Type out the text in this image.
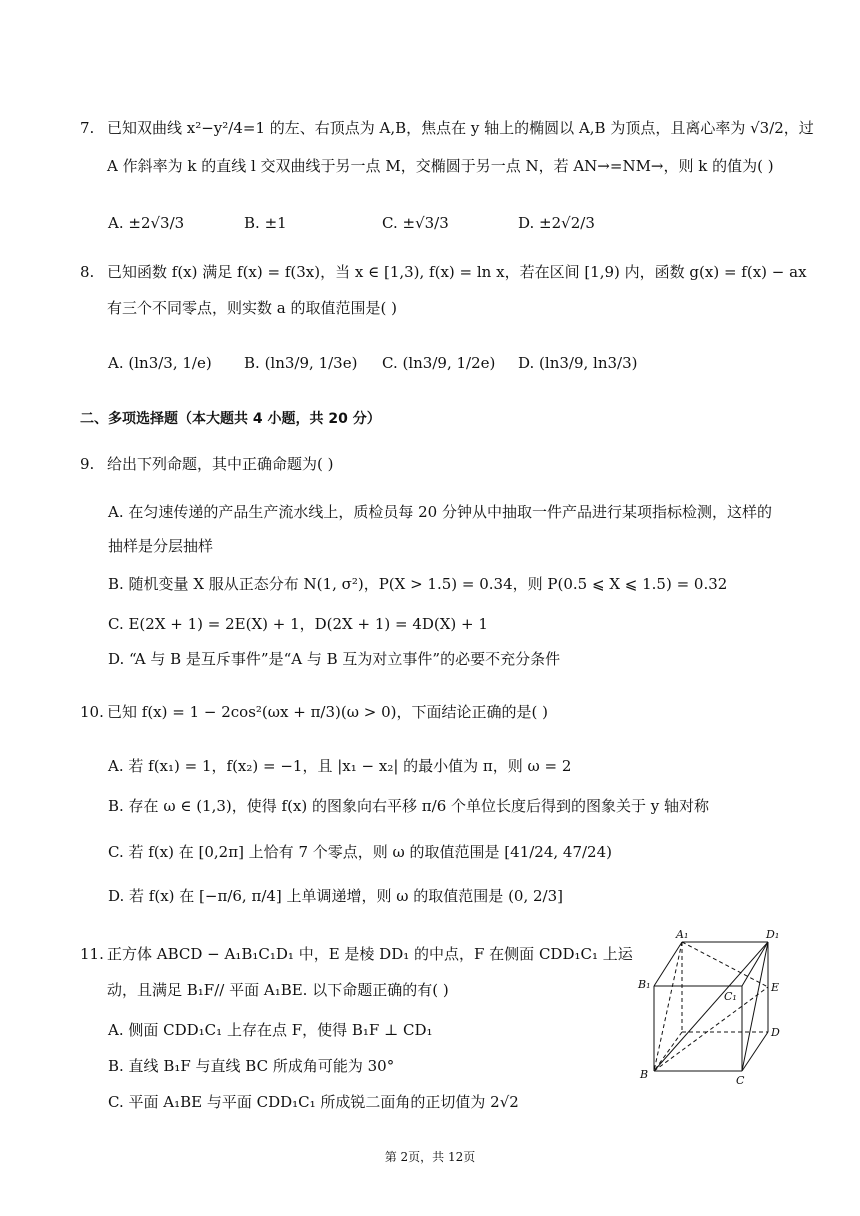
7. 已知双曲线 x²−y²/4=1 的左、右顶点为 A,B，焦点在 y 轴上的椭圆以 A,B 为顶点，且离心率为 √3/2，过
A 作斜率为 k 的直线 l 交双曲线于另一点 M，交椭圆于另一点 N，若 AN→=NM→，则 k 的值为( )
A. ±2√3/3	B. ±1	C. ±√3/3	D. ±2√2/3
8. 已知函数 f(x) 满足 f(x) = f(3x)，当 x ∈ [1,3), f(x) = ln x，若在区间 [1,9) 内，函数 g(x) = f(x) − ax
有三个不同零点，则实数 a 的取值范围是( )
A. (ln3/3, 1/e) B. (ln3/9, 1/3e) C. (ln3/9, 1/2e) D. (ln3/9, ln3/3)
二、多项选择题（本大题共 4 小题，共 20 分）
9. 给出下列命题，其中正确命题为( )
A. 在匀速传递的产品生产流水线上，质检员每 20 分钟从中抽取一件产品进行某项指标检测，这样的
抽样是分层抽样
B. 随机变量 X 服从正态分布 N(1, σ²)，P(X > 1.5) = 0.34，则 P(0.5 ⩽ X ⩽ 1.5) = 0.32
C. E(2X + 1) = 2E(X) + 1，D(2X + 1) = 4D(X) + 1
D. “A 与 B 是互斥事件”是“A 与 B 互为对立事件”的必要不充分条件
10. 已知 f(x) = 1 − 2cos²(ωx + π/3)(ω > 0)，下面结论正确的是( )
A. 若 f(x₁) = 1，f(x₂) = −1，且 |x₁ − x₂| 的最小值为 π，则 ω = 2
B. 存在 ω ∈ (1,3)，使得 f(x) 的图象向右平移 π/6 个单位长度后得到的图象关于 y 轴对称
C. 若 f(x) 在 [0,2π] 上恰有 7 个零点，则 ω 的取值范围是 [41/24, 47/24)
D. 若 f(x) 在 [−π/6, π/4] 上单调递增，则 ω 的取值范围是 (0, 2/3]
11. 正方体 ABCD − A₁B₁C₁D₁ 中，E 是棱 DD₁ 的中点，F 在侧面 CDD₁C₁ 上运
动，且满足 B₁F// 平面 A₁BE. 以下命题正确的有( )
A. 侧面 CDD₁C₁ 上存在点 F，使得 B₁F ⊥ CD₁
B. 直线 B₁F 与直线 BC 所成角可能为 30°
C. 平面 A₁BE 与平面 CDD₁C₁ 所成锐二面角的正切值为 2√2
A₁	D₁
B₁
C₁
E
D
B	C
第 2页，共 12页
